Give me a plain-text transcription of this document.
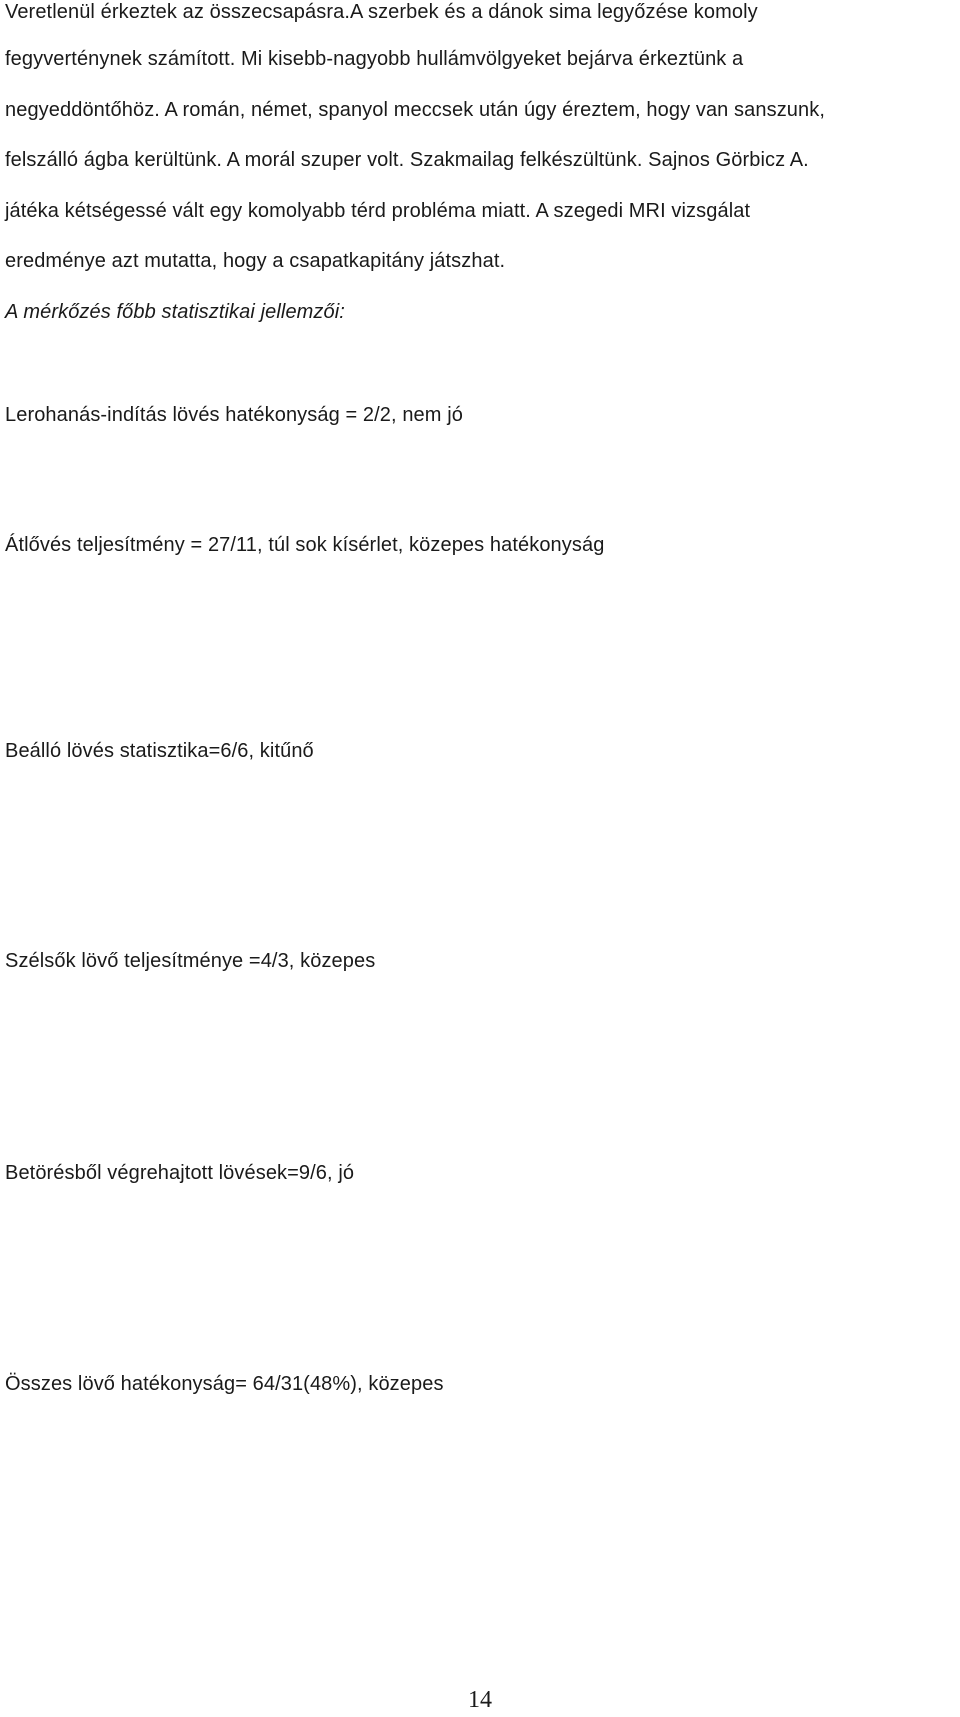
Veretlenül érkeztek az összecsapásra.A szerbek és a dánok sima legyőzése komoly

fegyverténynek számított. Mi kisebb-nagyobb hullámvölgyeket bejárva érkeztünk a

negyeddöntőhöz. A román, német, spanyol meccsek után úgy éreztem, hogy van sanszunk,

felszálló ágba kerültünk. A morál szuper volt. Szakmailag felkészültünk. Sajnos Görbicz A.

játéka kétségessé vált egy komolyabb térd probléma miatt. A szegedi MRI vizsgálat

eredménye azt mutatta, hogy a csapatkapitány játszhat.

A mérkőzés főbb statisztikai jellemzői:

Lerohanás-indítás lövés hatékonyság = 2/2, nem jó

Átlővés teljesítmény = 27/11, túl sok kísérlet, közepes hatékonyság

Beálló lövés statisztika=6/6, kitűnő

Szélsők lövő teljesítménye =4/3, közepes

Betörésből végrehajtott lövések=9/6, jó

Összes lövő hatékonyság= 64/31(48%), közepes

14
